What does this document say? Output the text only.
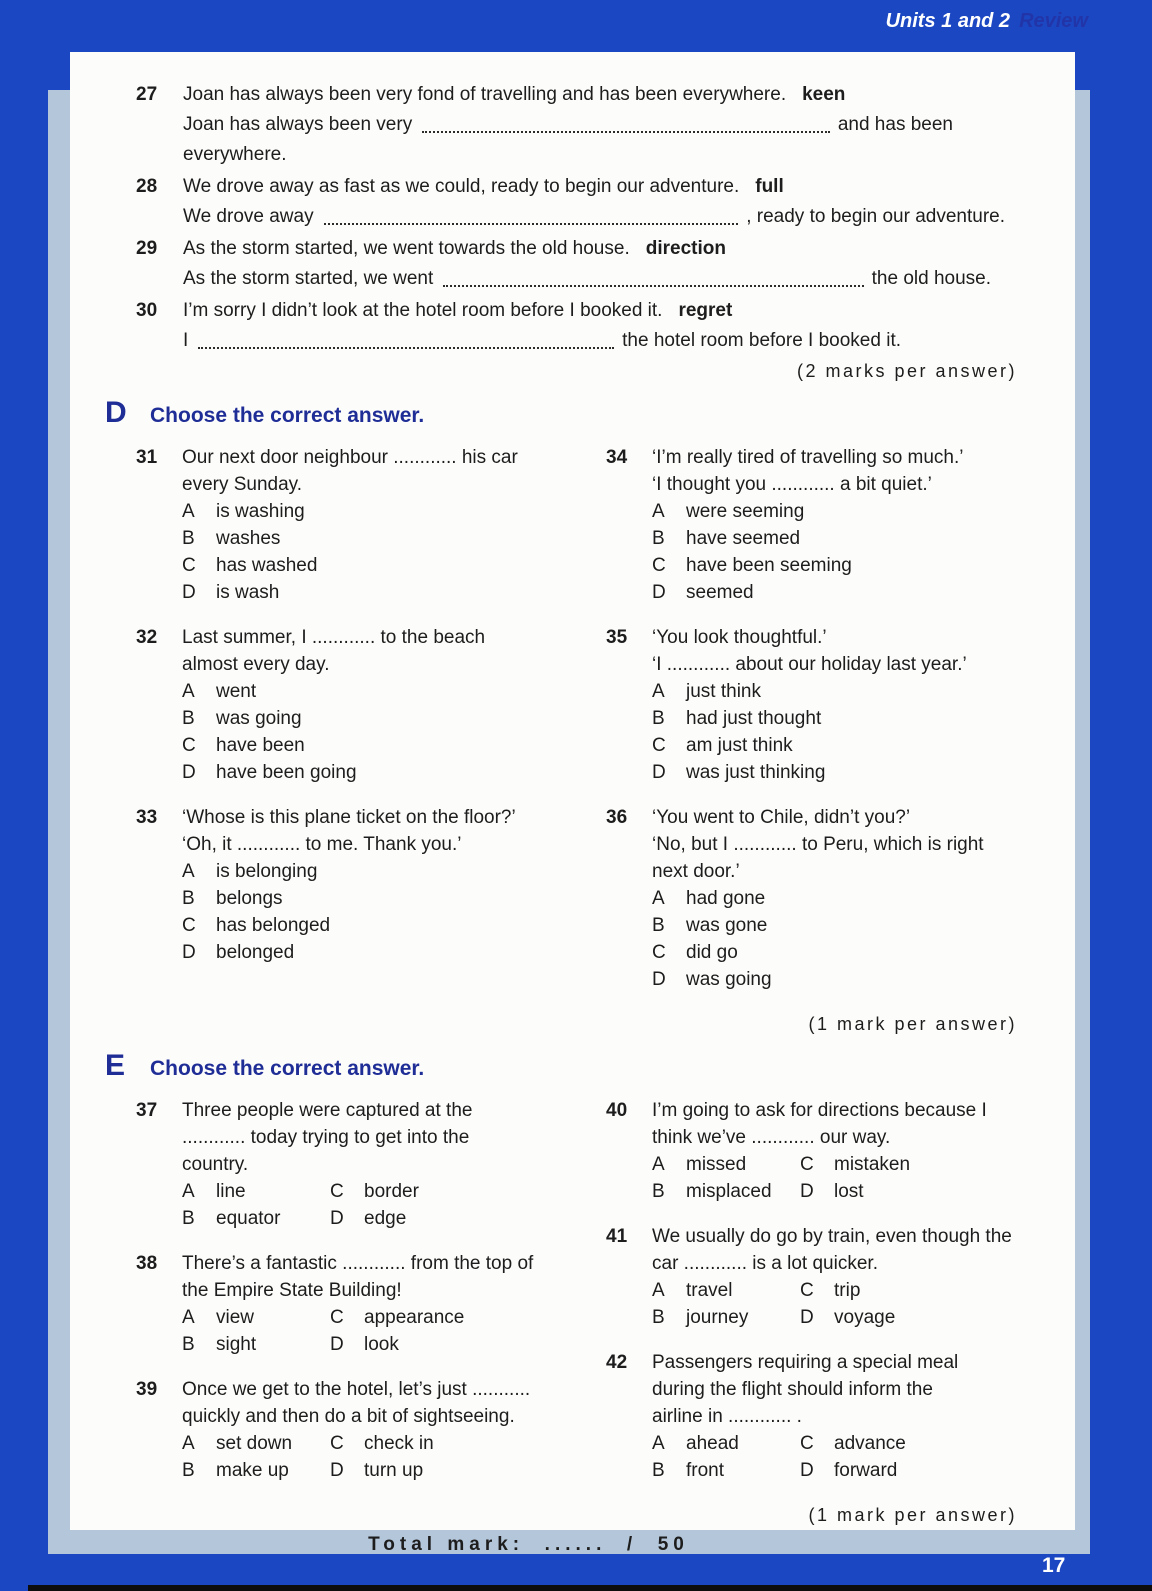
Units 1 and 2 Review
27	Joan has always been very fond of travelling and has been everywhere. keen
Joan has always been very	and has been
everywhere.
28	We drove away as fast as we could, ready to begin our adventure. full
We drove away	, ready to begin our adventure.
29	As the storm started, we went towards the old house. direction
As the storm started, we went	the old house.
30	I’m sorry I didn’t look at the hotel room before I booked it. regret
I	the hotel room before I booked it.
(2 marks per answer)
D	Choose the correct answer.
31	Our next door neighbour ............ his car every Sunday.
A	is washing
B	washes
C	has washed
D	is wash
32	Last summer, I ............ to the beach almost every day.
A	went
B	was going
C	have been
D	have been going
33	‘Whose is this plane ticket on the floor?’
‘Oh, it ............ to me. Thank you.’
A	is belonging
B	belongs
C	has belonged
D	belonged
34	‘I’m really tired of travelling so much.’
‘I thought you ............ a bit quiet.’
A	were seeming
B	have seemed
C	have been seeming
D	seemed
35	‘You look thoughtful.’
‘I ............ about our holiday last year.’
A	just think
B	had just thought
C	am just think
D	was just thinking
36	‘You went to Chile, didn’t you?’
‘No, but I ............ to Peru, which is right next door.’
A	had gone
B	was gone
C	did go
D	was going
(1 mark per answer)
E	Choose the correct answer.
37	Three people were captured at the ............ today trying to get into the country.
A	line
B	equator
C	border
D	edge
38	There’s a fantastic ............ from the top of the Empire State Building!
A	view
B	sight
C	appearance
D	look
39	Once we get to the hotel, let’s just ........... quickly and then do a bit of sightseeing.
A	set down
B	make up
C	check in
D	turn up
40	I’m going to ask for directions because I think we’ve ............ our way.
A	missed
B	misplaced
C	mistaken
D	lost
41	We usually do go by train, even though the car ............ is a lot quicker.
A	travel
B	journey
C	trip
D	voyage
42	Passengers requiring a special meal during the flight should inform the airline in ............ .
A	ahead
B	front
C	advance
D	forward
(1 mark per answer)
Total mark:  ......  /  50
17
